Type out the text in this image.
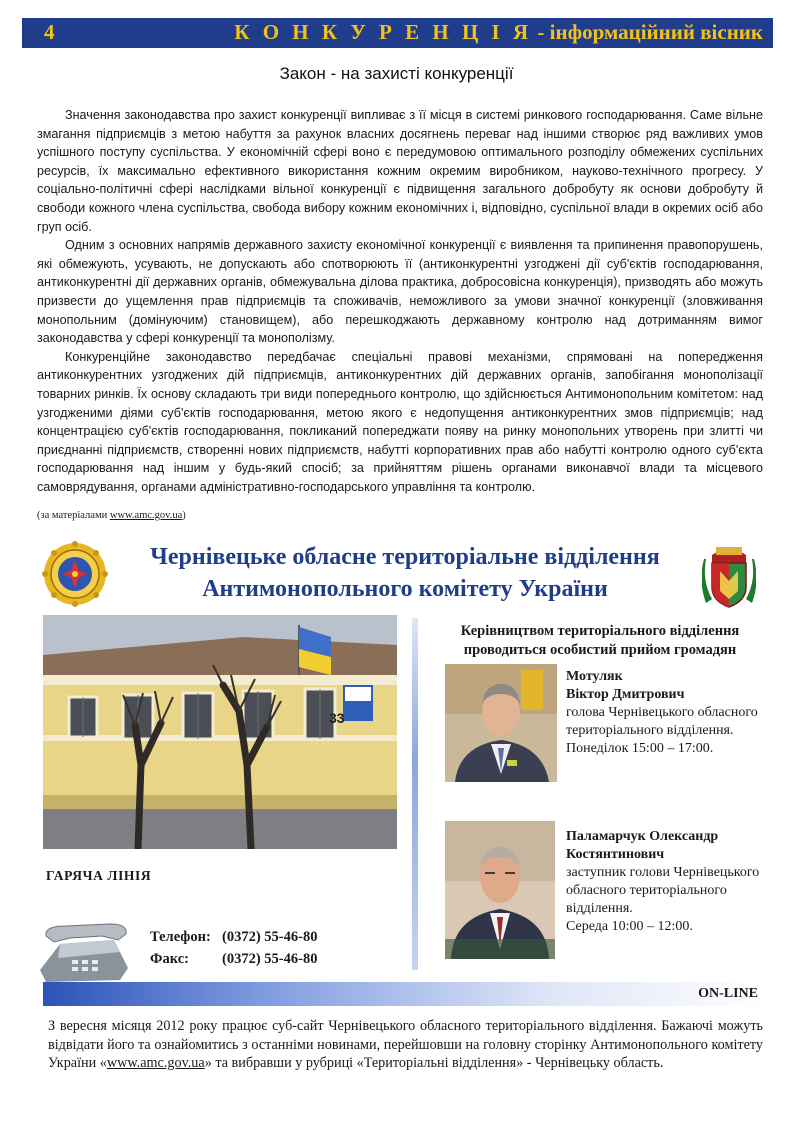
4	К О Н К У Р Е Н Ц І Я - інформаційний вісник
Закон - на захисті конкуренції

Значення законодавства про захист конкуренції випливає з її місця в системі ринкового господарювання. Саме вільне змагання підприємців з метою набуття за рахунок власних досягнень переваг над іншими створює ряд важливих умов успішного поступу суспільства. У економічній сфері воно є передумовою оптимального розподілу обмежених суспільних ресурсів, їх максимально ефективного використання кожним окремим виробником, науково-технічного прогресу. У соціально-політичні сфері наслідками вільної конкуренції є підвищення загального добробуту як основи добробуту й свободи кожного члена суспільства, свобода вибору кожним економічних і, відповідно, суспільної влади в окремих осіб або груп осіб.

Одним з основних напрямів державного захисту економічної конкуренції є виявлення та припинення правопорушень, які обмежують, усувають, не допускають або спотворюють її (антиконкурентні узгоджені дії суб'єктів господарювання, антиконкурентні дії державних органів, обмежувальна ділова практика, добросовісна конкуренція), призводять або можуть призвести до ущемлення прав підприємців та споживачів, неможливого за умови значної конкуренції (зловживання монопольним (домінуючим) становищем), або перешкоджають державному контролю над дотриманням вимог законодавства у сфері конкуренції та монополізму.

Конкуренційне законодавство передбачає спеціальні правові механізми, спрямовані на попередження антиконкурентних узгоджених дій підприємців, антиконкурентних дій державних органів, запобігання монополізації товарних ринків. Їх основу складають три види попереднього контролю, що здійснюється Антимонопольним комітетом: над узгодженими діями суб'єктів господарювання, метою якого є недопущення антиконкурентних змов підприємців; над концентрацією суб'єктів господарювання, покликаний попереджати появу на ринку монопольних утворень при злитті чи приєднанні підприємств, створенні нових підприємств, набутті корпоративних прав або набутті контролю одного суб'єкта господарювання над іншим у будь-який спосіб; за прийняттям рішень органами виконавчої влади та місцевого самоврядування, органами адміністративно-господарського управління та контролю.

(за матеріалами www.amc.gov.ua)
Чернівецьке обласне територіальне відділення
Антимонопольного комітету України
33
ГАРЯЧА ЛІНІЯ
Телефон: (0372) 55-46-80
Факс: (0372) 55-46-80
Керівництвом територіального відділення проводиться особистий прийом громадян
Мотуляк
Віктор Дмитрович
голова Чернівецького обласного територіального відділення.
Понеділок 15:00 – 17:00.
Паламарчук Олександр
Костянтинович
заступник голови Чернівецького обласного територіального відділення.
Середа 10:00 – 12:00.
ON-LINE
З вересня місяця 2012 року працює суб-сайт Чернівецького обласного територіального відділення. Бажаючі можуть відвідати його та ознайомитись з останніми новинами, перейшовши на головну сторінку Антимонопольного комітету України «www.amc.gov.ua» та вибравши у рубриці «Територіальні відділення» - Чернівецьку область.
